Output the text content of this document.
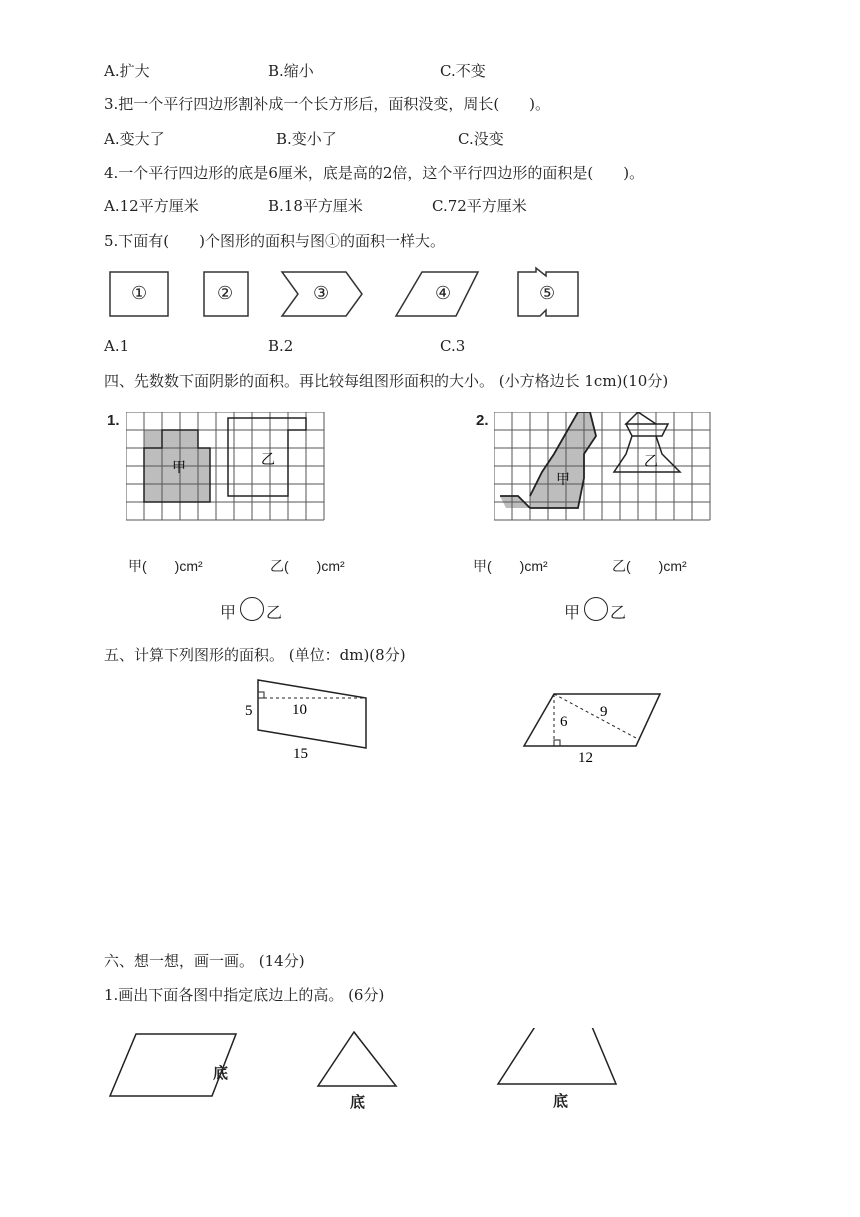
A.扩大	B.缩小	C.不变
3.把一个平行四边形割补成一个长方形后，面积没变，周长(　　)。
A.变大了	B.变小了	C.没变
4.一个平行四边形的底是6厘米，底是高的2倍，这个平行四边形的面积是(　　)。
A.12平方厘米	B.18平方厘米	C.72平方厘米
5.下面有(　　)个图形的面积与图①的面积一样大。
①	②	③	④	⑤
A.1	B.2	C.3
四、先数数下面阴影的面积。再比较每组图形面积的大小。 (小方格边长 1cm)(10分)
1.
甲
乙
2.
甲
乙
甲(　　)cm²	乙(　　)cm²
甲 乙
甲(　　)cm²	乙(　　)cm²
甲 乙
五、计算下列图形的面积。 (单位：dm)(8分)
5	10
15
6
9
12
六、想一想，画一画。 (14分)
1.画出下面各图中指定底边上的高。 (6分)
底
底	底
